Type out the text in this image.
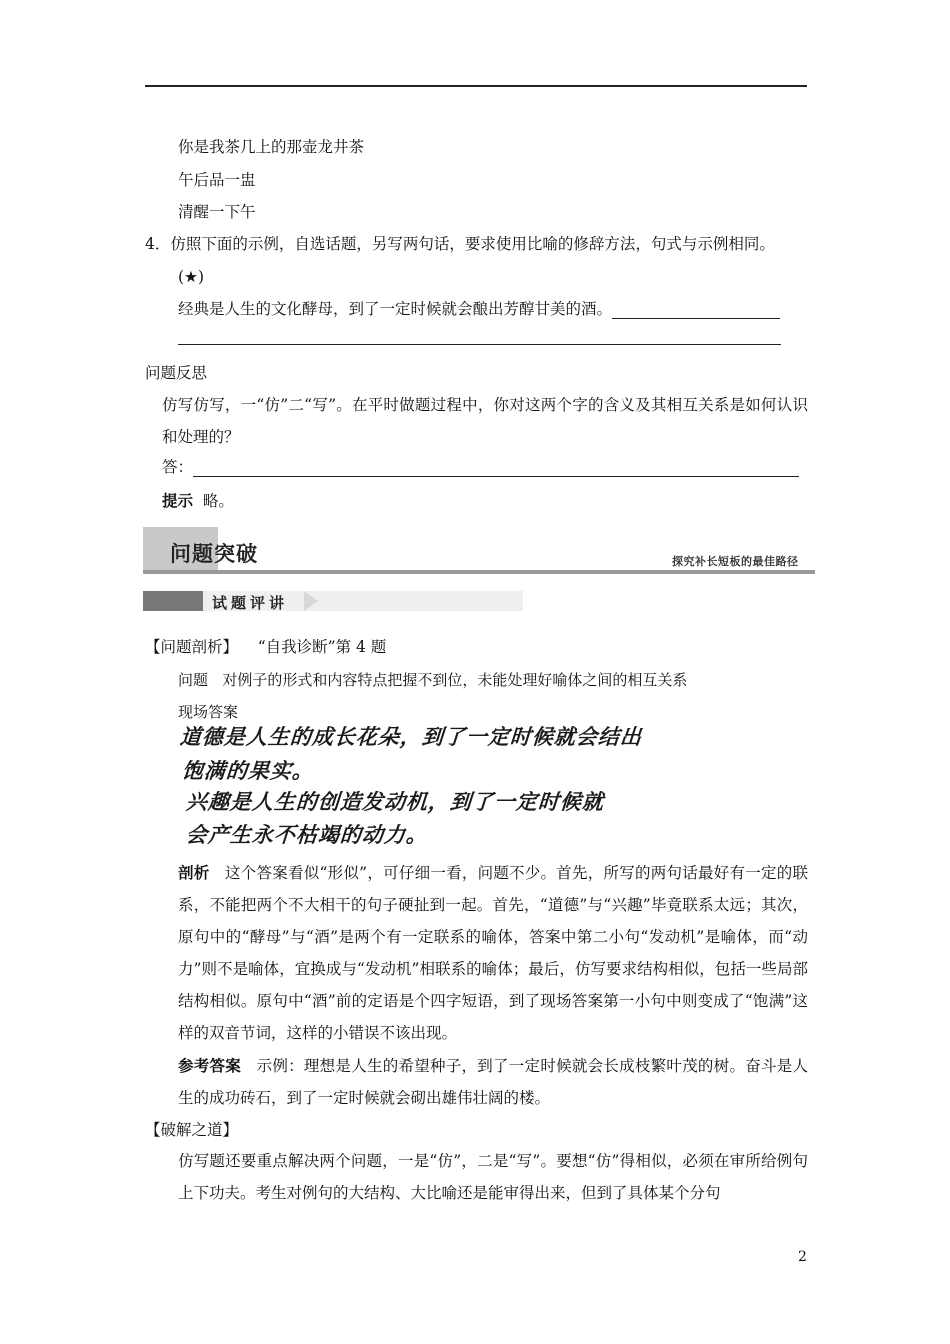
你是我茶几上的那壶龙井茶
午后品一盅
清醒一下午
4．仿照下面的示例，自选话题，另写两句话，要求使用比喻的修辞方法，句式与示例相同。
(★)
经典是人生的文化酵母，到了一定时候就会酿出芳醇甘美的酒。
问题反思
仿写仿写，一“仿”二“写”。在平时做题过程中，你对这两个字的含义及其相互关系是如何认识和处理的？
答：
提示 略。
问题突破	探究补长短板的最佳路径
试题评讲
【问题剖析】 “自我诊断”第 4 题
问题 对例子的形式和内容特点把握不到位，未能处理好喻体之间的相互关系
现场答案
道德是人生的成长花朵，到了一定时候就会结出
饱满的果实。
兴趣是人生的创造发动机，到了一定时候就
会产生永不枯竭的动力。
剖析 这个答案看似“形似”，可仔细一看，问题不少。首先，所写的两句话最好有一定的联系，不能把两个不大相干的句子硬扯到一起。首先，“道德”与“兴趣”毕竟联系太远；其次，原句中的“酵母”与“酒”是两个有一定联系的喻体，答案中第二小句“发动机”是喻体，而“动力”则不是喻体，宜换成与“发动机”相联系的喻体；最后，仿写要求结构相似，包括一些局部结构相似。原句中“酒”前的定语是个四字短语，到了现场答案第一小句中则变成了“饱满”这样的双音节词，这样的小错误不该出现。
参考答案 示例：理想是人生的希望种子，到了一定时候就会长成枝繁叶茂的树。奋斗是人生的成功砖石，到了一定时候就会砌出雄伟壮阔的楼。
【破解之道】
仿写题还要重点解决两个问题，一是“仿”，二是“写”。要想“仿”得相似，必须在审所给例句上下功夫。考生对例句的大结构、大比喻还是能审得出来，但到了具体某个分句
2
